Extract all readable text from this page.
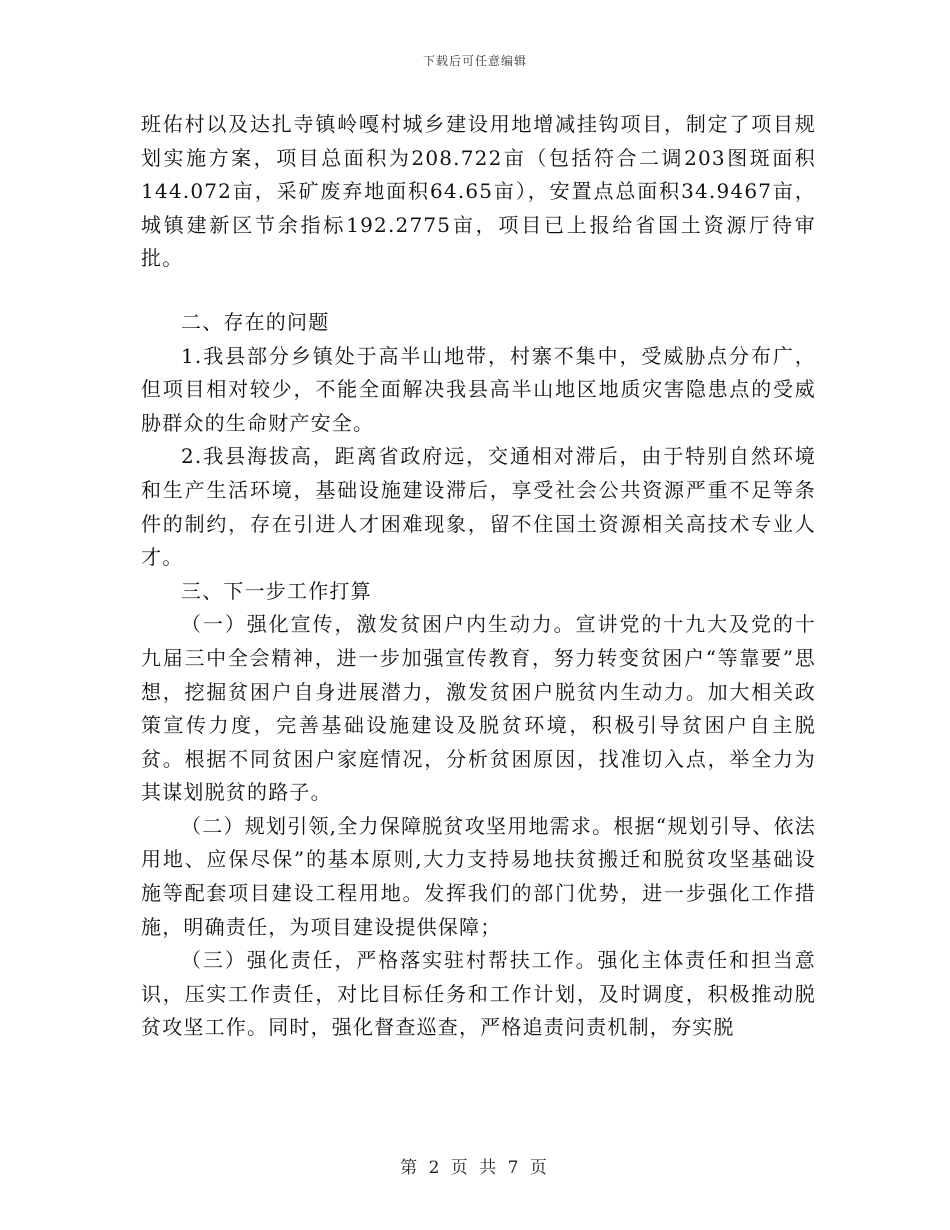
下载后可任意编辑

班佑村以及达扎寺镇岭嘎村城乡建设用地增减挂钩项目，制定了项目规划实施方案，项目总面积为208.722亩（包括符合二调203图斑面积144.072亩，采矿废弃地面积64.65亩），安置点总面积34.9467亩，城镇建新区节余指标192.2775亩，项目已上报给省国土资源厅待审批。

二、存在的问题

1.我县部分乡镇处于高半山地带，村寨不集中，受威胁点分布广，但项目相对较少，不能全面解决我县高半山地区地质灾害隐患点的受威胁群众的生命财产安全。

2.我县海拔高，距离省政府远，交通相对滞后，由于特别自然环境和生产生活环境，基础设施建设滞后，享受社会公共资源严重不足等条件的制约，存在引进人才困难现象，留不住国土资源相关高技术专业人才。

三、下一步工作打算

（一）强化宣传，激发贫困户内生动力。宣讲党的十九大及党的十九届三中全会精神，进一步加强宣传教育，努力转变贫困户“等靠要”思想，挖掘贫困户自身进展潜力，激发贫困户脱贫内生动力。加大相关政策宣传力度，完善基础设施建设及脱贫环境，积极引导贫困户自主脱贫。根据不同贫困户家庭情况，分析贫困原因，找准切入点，举全力为其谋划脱贫的路子。

（二）规划引领,全力保障脱贫攻坚用地需求。根据“规划引导、依法用地、应保尽保”的基本原则,大力支持易地扶贫搬迁和脱贫攻坚基础设施等配套项目建设工程用地。发挥我们的部门优势，进一步强化工作措施，明确责任，为项目建设提供保障；

（三）强化责任，严格落实驻村帮扶工作。强化主体责任和担当意识，压实工作责任，对比目标任务和工作计划，及时调度，积极推动脱贫攻坚工作。同时，强化督查巡查，严格追责问责机制，夯实脱

第 2 页 共 7 页
